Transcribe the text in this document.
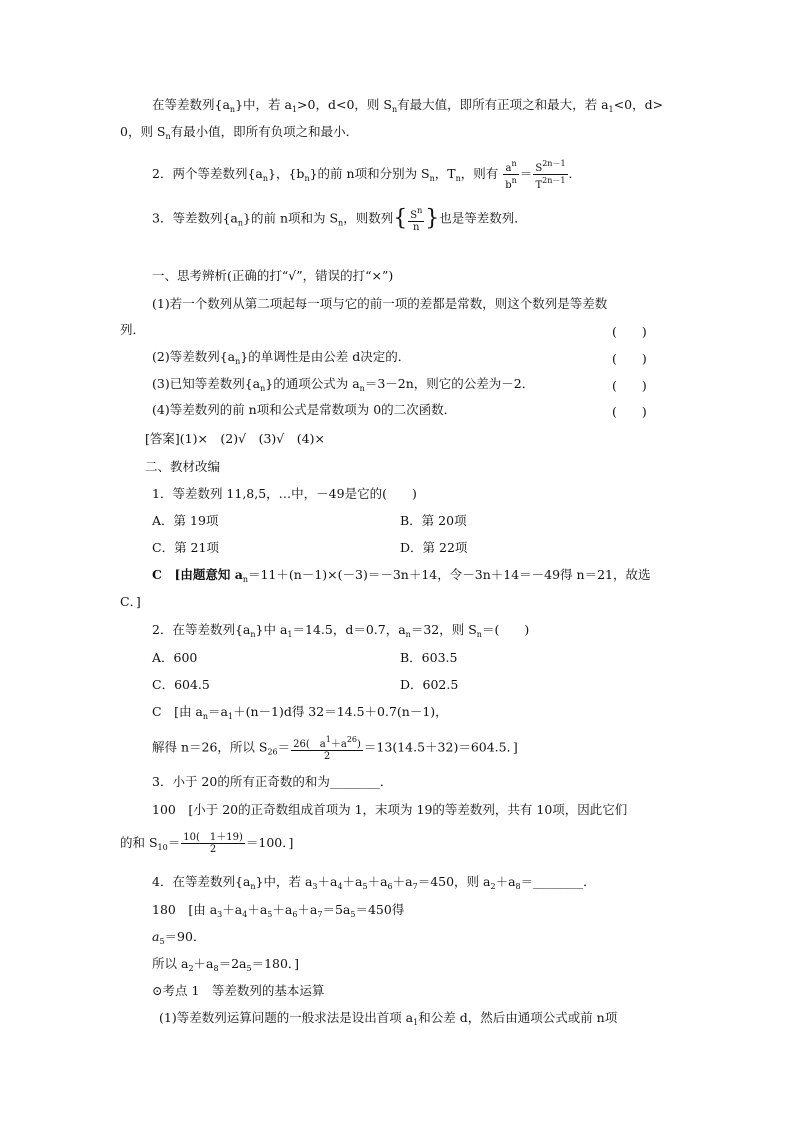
在等差数列$\{a_n\}$中，若 $a_1>0$，d<0，则 $S_n$有最大值，即所有正项之和最大，若 $a_1<0$，d>
0，则 $S_n$有最小值，即所有负项之和最小．
2．两个等差数列$\{a_n\}$，$\{b_n\}$的前 n项和分别为 $S_n$，$T_n$，则有 $\frac{a^n}{b^n} = \frac{S^{2n-1}}{T^{2n-1}}$ ．
3．等差数列$\{a_n\}$的前 n项和为 $S_n$，则数列{ $\frac{S^n}{n}$ }也是等差数列．
一、思考辨析(正确的打“√”，错误的打“×”)
(1)若一个数列从第二项起每一项与它的前一项的差都是常数，则这个数列是等差数
列．	(　　)
(2)等差数列$\{a_n\}$的单调性是由公差 d决定的．	(　　)
(3)已知等差数列$\{a_n\}$的通项公式为 $a_n=3-2n$，则它的公差为－2．	(　　)
(4)等差数列的前 n项和公式是常数项为 0的二次函数．	(　　)
[答案](1)×　(2)√　(3)√　(4)×
二、教材改编
1．等差数列 11,8,5，…中，－49是它的(　　)
A．第 19项	B．第 20项
C．第 21项	D．第 22项
C　[由题意知 $a_n=11+(n-1)\times(-3)=-3n+14$，令－3n＋14＝－49得 n＝21，故选
C．]
2．在等差数列$\{a_n\}$中 $a_1=14.5$，d＝0.7，$a_n=32$，则 $S_n=$(　　)
A．600	B．603.5
C．604.5	D．602.5
C　[由 $a_n=a_1+(n-1)d$得 32＝14.5＋0.7(n－1)，
解得 n＝26，所以 $S_{26}= \frac{26( a^1+a^{26})}{2} =13(14.5+32)=604.5$．]
3．小于 20的所有正奇数的和为________．
100　[小于 20的正奇数组成首项为 1，末项为 19的等差数列，共有 10项，因此它们
的和 $S_{10}= \frac{10( 1+19)}{2} =100$．]
4．在等差数列$\{a_n\}$中，若 $a_3+a_4+a_5+a_6+a_7=450$，则 $a_2+a_8=\_\_\_\_\_\_\_\_$．
180　[由 $a_3+a_4+a_5+a_6+a_7=5a_5=450$得
$a_5=90$．
所以 $a_2+a_8=2a_5=180$．]
⊙考点 1　等差数列的基本运算
(1)等差数列运算问题的一般求法是设出首项 $a_1$和公差 d，然后由通项公式或前 n项
